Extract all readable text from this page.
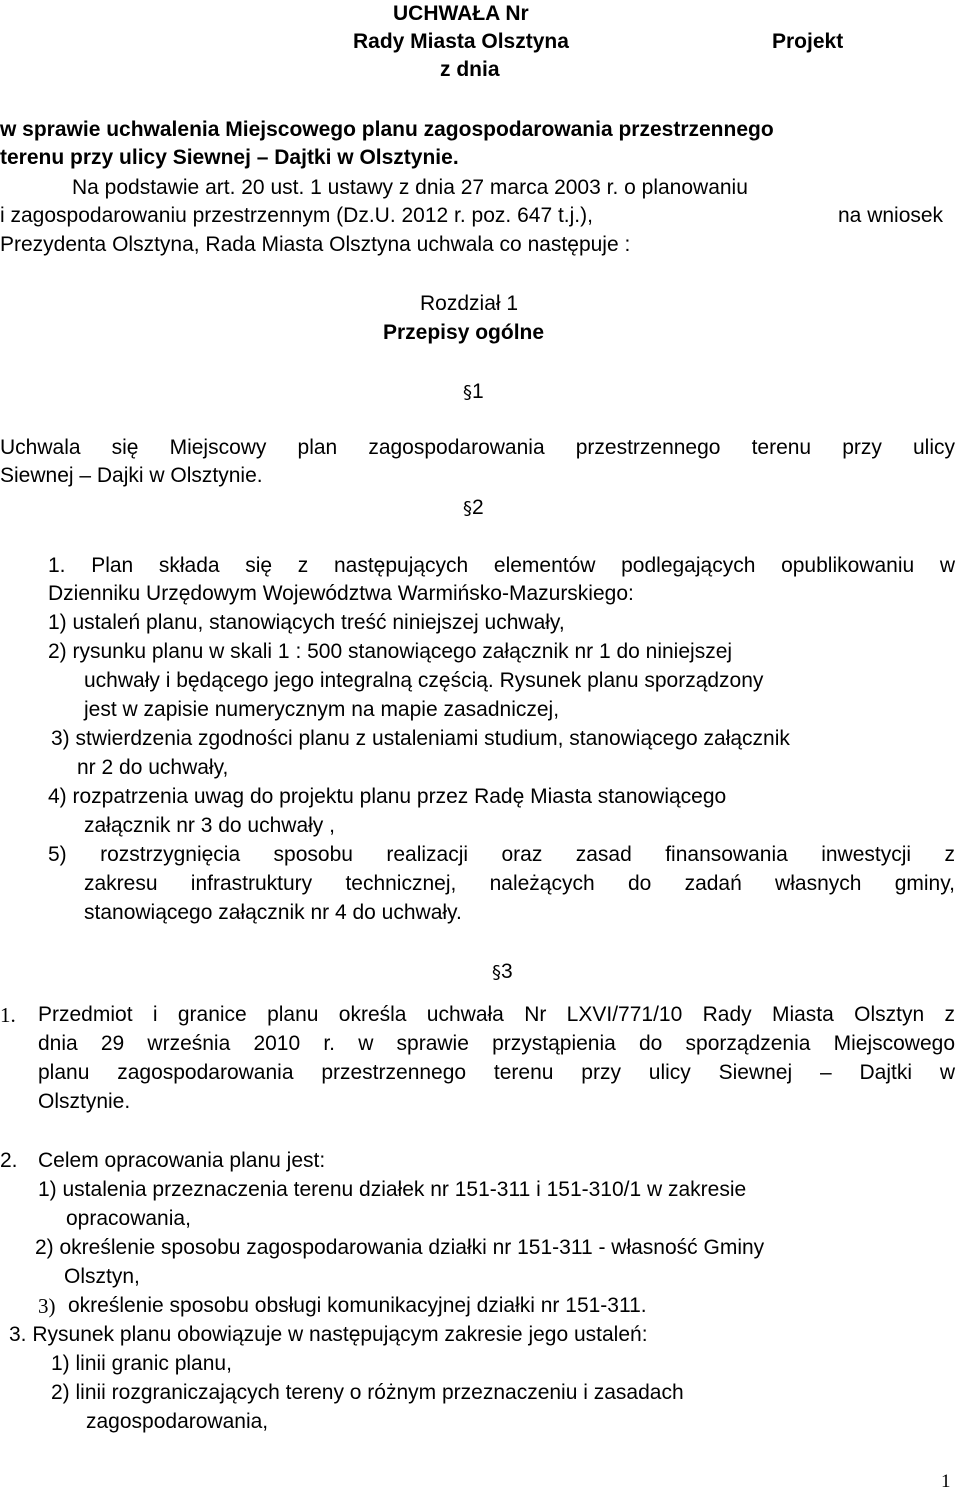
UCHWAŁA Nr
Rady Miasta Olsztyna	Projekt
z dnia
w sprawie uchwalenia Miejscowego planu zagospodarowania przestrzennego
terenu przy ulicy Siewnej – Dajtki w Olsztynie.
Na podstawie art. 20 ust. 1 ustawy z dnia 27 marca 2003 r. o planowaniu
i zagospodarowaniu przestrzennym (Dz.U. 2012 r. poz. 647 t.j.),	na wniosek
Prezydenta Olsztyna, Rada Miasta Olsztyna uchwala co następuje :
Rozdział 1
Przepisy ogólne
§1
Uchwala się Miejscowy plan zagospodarowania przestrzennego terenu przy ulicy
Siewnej – Dajki w Olsztynie.
§2
1. Plan składa się z następujących elementów podlegających opublikowaniu w
Dzienniku Urzędowym Województwa Warmińsko-Mazurskiego:
1) ustaleń planu, stanowiących treść niniejszej uchwały,
2) rysunku planu w skali 1 : 500 stanowiącego załącznik nr 1 do niniejszej
uchwały i będącego jego integralną częścią. Rysunek planu sporządzony
jest w zapisie numerycznym na mapie zasadniczej,
3) stwierdzenia zgodności planu z ustaleniami studium, stanowiącego załącznik
nr 2 do uchwały,
4) rozpatrzenia uwag do projektu planu przez Radę Miasta stanowiącego
załącznik nr 3 do uchwały ,
5) rozstrzygnięcia sposobu realizacji oraz zasad finansowania inwestycji z
zakresu infrastruktury technicznej, należących do zadań własnych gminy,
stanowiącego załącznik nr 4 do uchwały.
§3
1. Przedmiot i granice planu określa uchwała Nr LXVI/771/10 Rady Miasta Olsztyn z
dnia 29 września 2010 r. w sprawie przystąpienia do sporządzenia Miejscowego
planu zagospodarowania przestrzennego terenu przy ulicy Siewnej – Dajtki w
Olsztynie.
2. Celem opracowania planu jest:
1) ustalenia przeznaczenia terenu działek nr 151-311 i 151-310/1 w zakresie
opracowania,
2) określenie sposobu zagospodarowania działki nr 151-311 - własność Gminy
Olsztyn,
3) określenie sposobu obsługi komunikacyjnej działki nr 151-311.
3. Rysunek planu obowiązuje w następującym zakresie jego ustaleń:
1) linii granic planu,
2) linii rozgraniczających tereny o różnym przeznaczeniu i zasadach
zagospodarowania,
1
